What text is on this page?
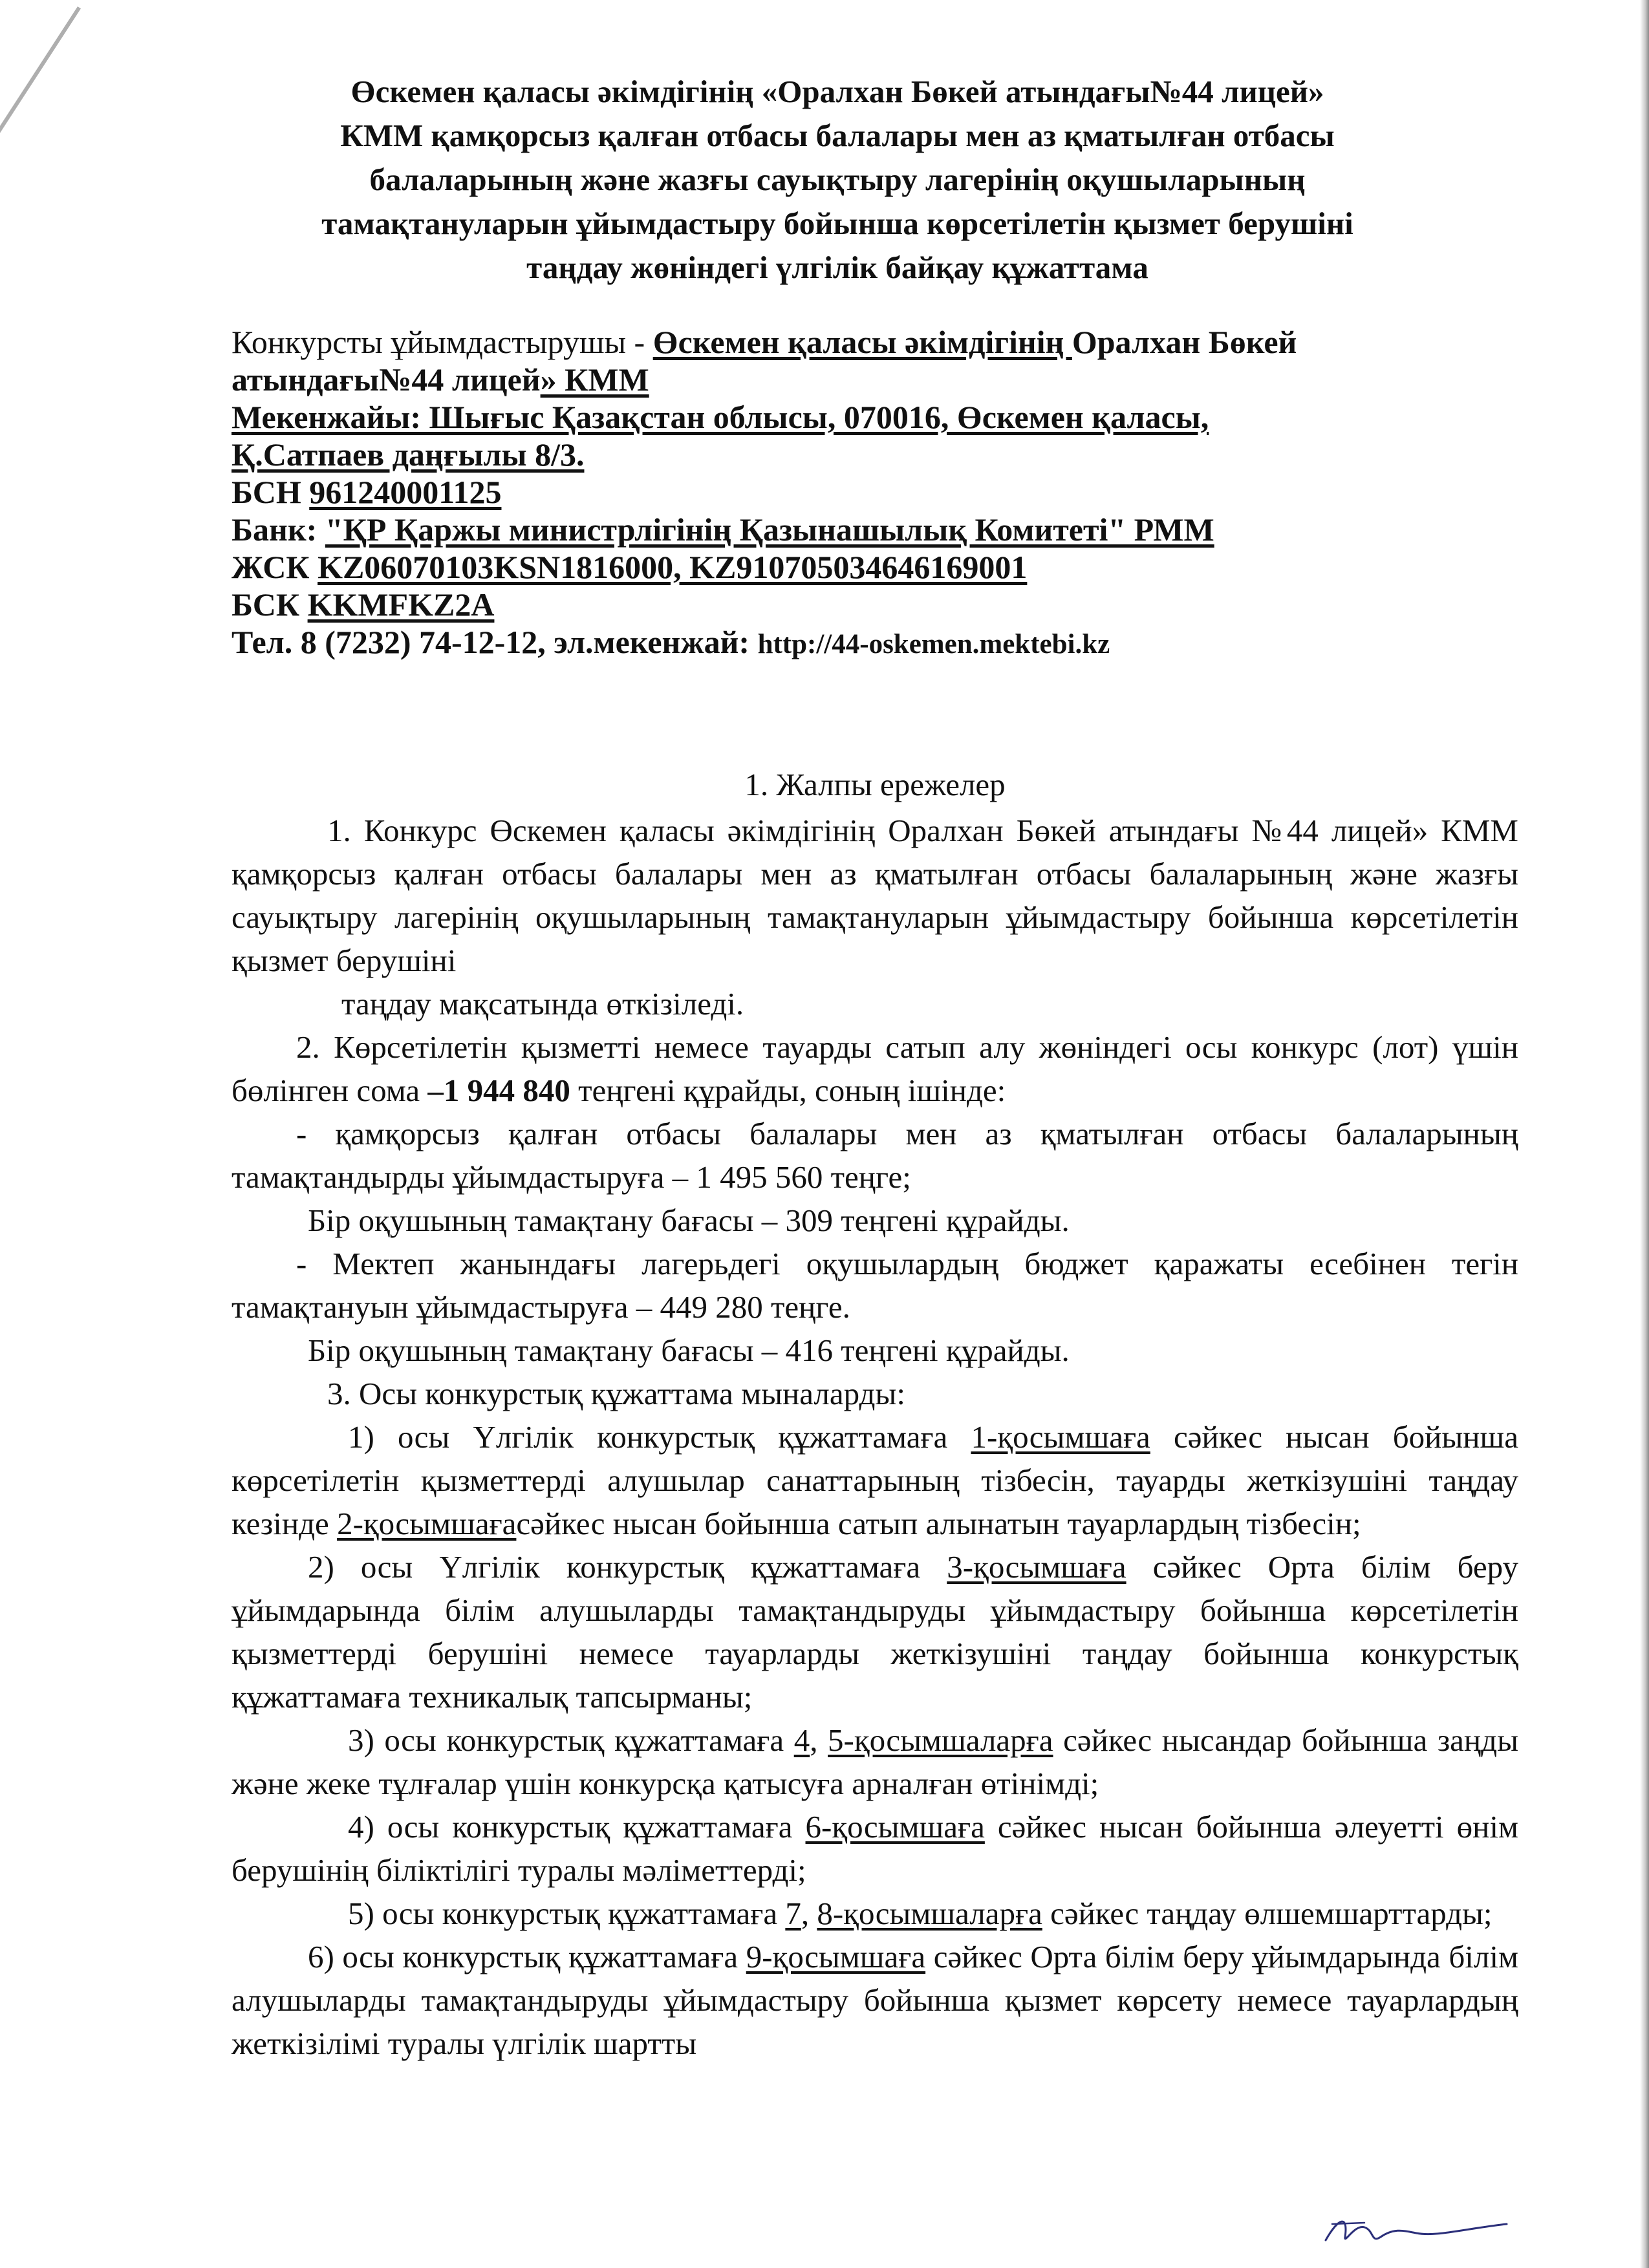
Өскемен қаласы әкімдігінің «Оралхан Бөкей атындағы№44 лицей»
КММ қамқорсыз қалған отбасы балалары мен аз қматылған отбасы
балаларының және жазғы сауықтыру лагерінің оқушыларының
тамақтануларын ұйымдастыру бойынша көрсетілетін қызмет берушіні
таңдау жөніндегі үлгілік байқау құжаттама
Конкурсты ұйымдастырушы - Өскемен қаласы әкімдігінің Оралхан Бөкей
атындағы№44 лицей» КММ
Мекенжайы: Шығыс Қазақстан облысы, 070016, Өскемен қаласы,
Қ.Сатпаев даңғылы 8/3.
БСН 961240001125
Банк: "ҚР Қаржы министрлігінің Қазынашылық Комитеті" РММ
ЖСК KZ06070103KSN1816000, KZ910705034646169001
БСК KKMFKZ2A
Тел. 8 (7232) 74-12-12, эл.мекенжай: http://44-oskemen.mektebi.kz
1. Жалпы ережелер
1. Конкурс Өскемен қаласы әкімдігінің Оралхан Бөкей атындағы №44 лицей» КММ қамқорсыз қалған отбасы балалары мен аз қматылған отбасы балаларының және жазғы сауықтыру лагерінің оқушыларының тамақтануларын ұйымдастыру бойынша көрсетілетін қызмет берушіні
таңдау мақсатында өткізіледі.
2. Көрсетілетін қызметті немесе тауарды сатып алу жөніндегі осы конкурс (лот) үшін бөлінген сома –1 944 840 теңгені құрайды, соның ішінде:
- қамқорсыз қалған отбасы балалары мен аз қматылған отбасы балаларының тамақтандырды ұйымдастыруға – 1 495 560 теңге;
Бір оқушының тамақтану бағасы – 309 теңгені құрайды.
- Мектеп жанындағы лагерьдегі оқушылардың бюджет қаражаты есебінен тегін тамақтануын ұйымдастыруға – 449 280 теңге.
Бір оқушының тамақтану бағасы – 416 теңгені құрайды.
3. Осы конкурстық құжаттама мыналарды:
1) осы Үлгілік конкурстық құжаттамаға 1-қосымшаға сәйкес нысан бойынша көрсетілетін қызметтерді алушылар санаттарының тізбесін, тауарды жеткізушіні таңдау кезінде 2-қосымшағасәйкес нысан бойынша сатып алынатын тауарлардың тізбесін;
2) осы Үлгілік конкурстық құжаттамаға 3-қосымшаға сәйкес Орта білім беру ұйымдарында білім алушыларды тамақтандыруды ұйымдастыру бойынша көрсетілетін қызметтерді берушіні немесе тауарларды жеткізушіні таңдау бойынша конкурстық құжаттамаға техникалық тапсырманы;
3) осы конкурстық құжаттамаға 4, 5-қосымшаларға сәйкес нысандар бойынша заңды және жеке тұлғалар үшін конкурсқа қатысуға арналған өтінімді;
4) осы конкурстық құжаттамаға 6-қосымшаға сәйкес нысан бойынша әлеуетті өнім берушінің біліктілігі туралы мәліметтерді;
5) осы конкурстық құжаттамаға 7, 8-қосымшаларға сәйкес таңдау өлшемшарттарды;
6) осы конкурстық құжаттамаға 9-қосымшаға сәйкес Орта білім беру ұйымдарында білім алушыларды тамақтандыруды ұйымдастыру бойынша қызмет көрсету немесе тауарлардың жеткізілімі туралы үлгілік шартты
